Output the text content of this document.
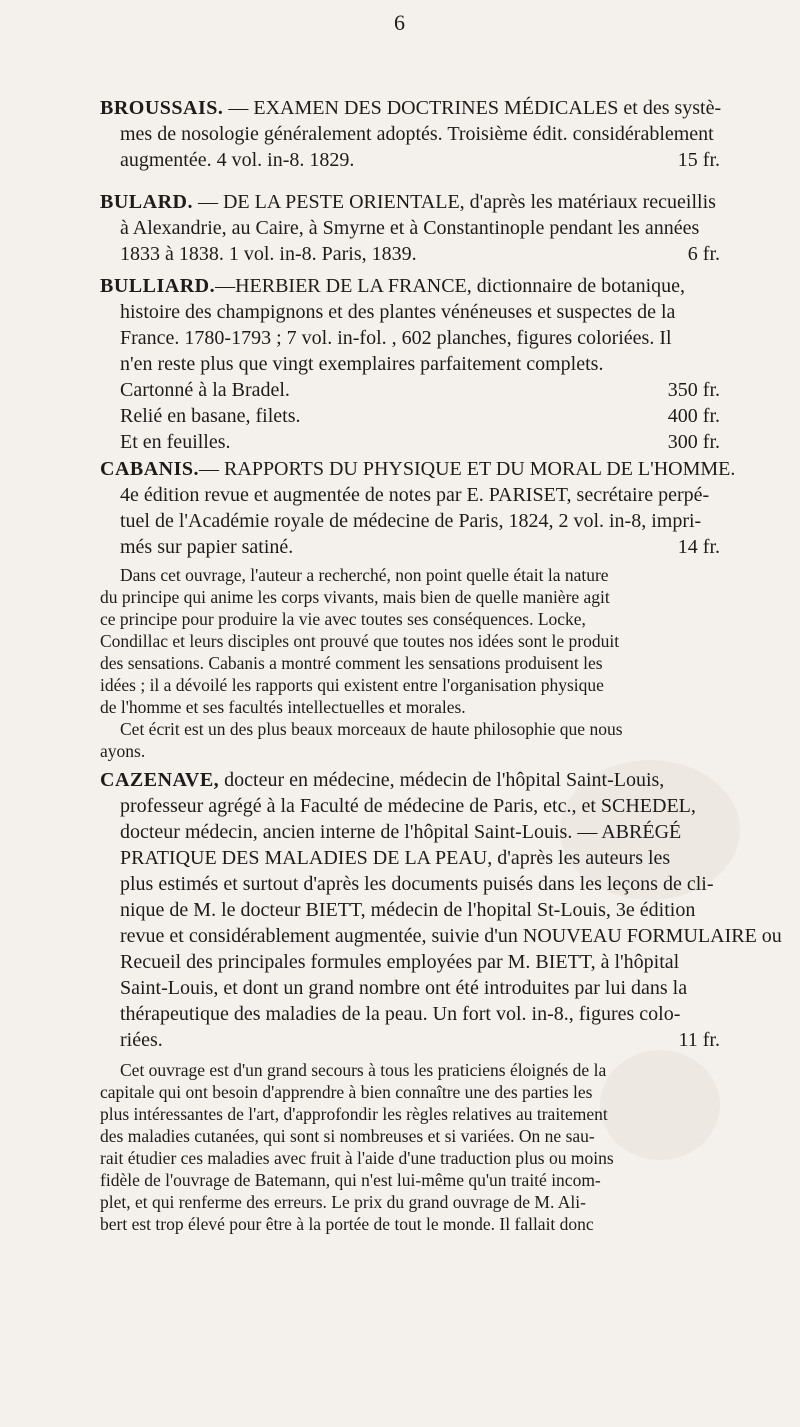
6
BROUSSAIS. — EXAMEN DES DOCTRINES MÉDICALES et des systè-
mes de nosologie généralement adoptés. Troisième édit. considérablement
augmentée. 4 vol. in-8. 1829.	15 fr.
BULARD. — DE LA PESTE ORIENTALE, d'après les matériaux recueillis
à Alexandrie, au Caire, à Smyrne et à Constantinople pendant les années
1833 à 1838. 1 vol. in-8. Paris, 1839.	6 fr.
BULLIARD.—HERBIER DE LA FRANCE, dictionnaire de botanique,
histoire des champignons et des plantes vénéneuses et suspectes de la
France. 1780-1793 ; 7 vol. in-fol. , 602 planches, figures coloriées. Il
n'en reste plus que vingt exemplaires parfaitement complets.
Cartonné à la Bradel.	350 fr.
Relié en basane, filets.	400 fr.
Et en feuilles.	300 fr.
CABANIS.— RAPPORTS DU PHYSIQUE ET DU MORAL DE L'HOMME.
4e édition revue et augmentée de notes par E. PARISET, secrétaire perpé-
tuel de l'Académie royale de médecine de Paris, 1824, 2 vol. in-8, impri-
més sur papier satiné.	14 fr.
Dans cet ouvrage, l'auteur a recherché, non point quelle était la nature
du principe qui anime les corps vivants, mais bien de quelle manière agit
ce principe pour produire la vie avec toutes ses conséquences. Locke,
Condillac et leurs disciples ont prouvé que toutes nos idées sont le produit
des sensations. Cabanis a montré comment les sensations produisent les
idées ; il a dévoilé les rapports qui existent entre l'organisation physique
de l'homme et ses facultés intellectuelles et morales.
Cet écrit est un des plus beaux morceaux de haute philosophie que nous
ayons.
CAZENAVE, docteur en médecine, médecin de l'hôpital Saint-Louis,
professeur agrégé à la Faculté de médecine de Paris, etc., et SCHEDEL,
docteur médecin, ancien interne de l'hôpital Saint-Louis. — ABRÉGÉ
PRATIQUE DES MALADIES DE LA PEAU, d'après les auteurs les
plus estimés et surtout d'après les documents puisés dans les leçons de cli-
nique de M. le docteur BIETT, médecin de l'hopital St-Louis, 3e édition
revue et considérablement augmentée, suivie d'un NOUVEAU FORMULAIRE ou
Recueil des principales formules employées par M. BIETT, à l'hôpital
Saint-Louis, et dont un grand nombre ont été introduites par lui dans la
thérapeutique des maladies de la peau. Un fort vol. in-8., figures colo-
riées.	11 fr.
Cet ouvrage est d'un grand secours à tous les praticiens éloignés de la
capitale qui ont besoin d'apprendre à bien connaître une des parties les
plus intéressantes de l'art, d'approfondir les règles relatives au traitement
des maladies cutanées, qui sont si nombreuses et si variées. On ne sau-
rait étudier ces maladies avec fruit à l'aide d'une traduction plus ou moins
fidèle de l'ouvrage de Batemann, qui n'est lui-même qu'un traité incom-
plet, et qui renferme des erreurs. Le prix du grand ouvrage de M. Ali-
bert est trop élevé pour être à la portée de tout le monde. Il fallait donc
